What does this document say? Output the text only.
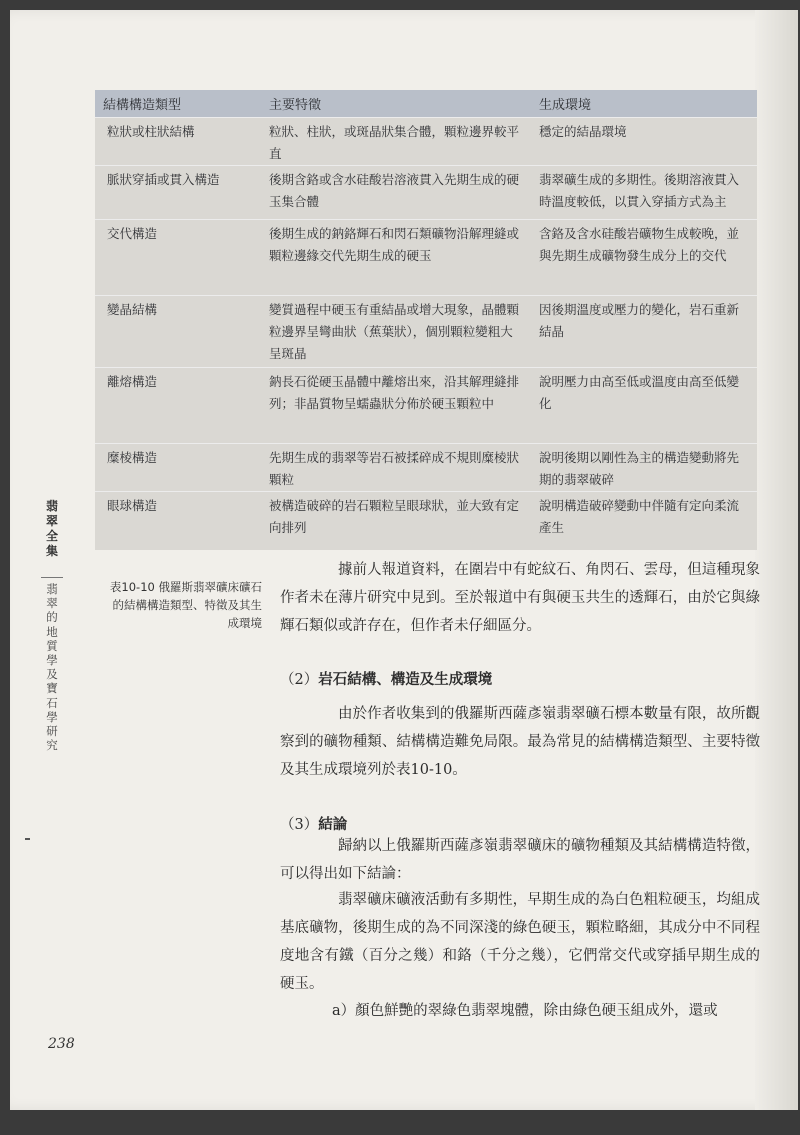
結構構造類型	主要特徵	生成環境
粒狀或柱狀結構	粒狀、柱狀，或斑晶狀集合體，顆粒邊界較平直	穩定的結晶環境
脈狀穿插或貫入構造	後期含鉻或含水硅酸岩溶液貫入先期生成的硬玉集合體	翡翠礦生成的多期性。後期溶液貫入時溫度較低，以貫入穿插方式為主
交代構造	後期生成的鈉鉻輝石和閃石類礦物沿解理縫或顆粒邊緣交代先期生成的硬玉	含鉻及含水硅酸岩礦物生成較晚，並與先期生成礦物發生成分上的交代
變晶結構	變質過程中硬玉有重結晶或增大現象，晶體顆粒邊界呈彎曲狀（蕉葉狀），個別顆粒變粗大呈斑晶	因後期溫度或壓力的變化，岩石重新結晶
離熔構造	鈉長石從硬玉晶體中離熔出來，沿其解理縫排列；非晶質物呈蠕蟲狀分佈於硬玉顆粒中	說明壓力由高至低或溫度由高至低變化
糜棱構造	先期生成的翡翠等岩石被揉碎成不規則糜棱狀顆粒	說明後期以剛性為主的構造變動將先期的翡翠破碎
眼球構造	被構造破碎的岩石顆粒呈眼球狀，並大致有定向排列	說明構造破碎變動中伴隨有定向柔流產生
翡翠全集
翡翠的地質學及寶石學研究
表10-10 俄羅斯翡翠礦床礦石的結構構造類型、特徵及其生成環境

據前人報道資料，在圍岩中有蛇紋石、角閃石、雲母，但這種現象作者未在薄片研究中見到。至於報道中有與硬玉共生的透輝石，由於它與綠輝石類似或許存在，但作者未仔細區分。

（2）岩石結構、構造及生成環境

由於作者收集到的俄羅斯西薩彥嶺翡翠礦石標本數量有限，故所觀察到的礦物種類、結構構造難免局限。最為常見的結構構造類型、主要特徵及其生成環境列於表10-10。

（3）結論

歸納以上俄羅斯西薩彥嶺翡翠礦床的礦物種類及其結構構造特徵，可以得出如下結論：

翡翠礦床礦液活動有多期性，早期生成的為白色粗粒硬玉，均組成基底礦物，後期生成的為不同深淺的綠色硬玉，顆粒略細，其成分中不同程度地含有鐵（百分之幾）和鉻（千分之幾），它們常交代或穿插早期生成的硬玉。

a）顏色鮮艷的翠綠色翡翠塊體，除由綠色硬玉組成外，還或

238
